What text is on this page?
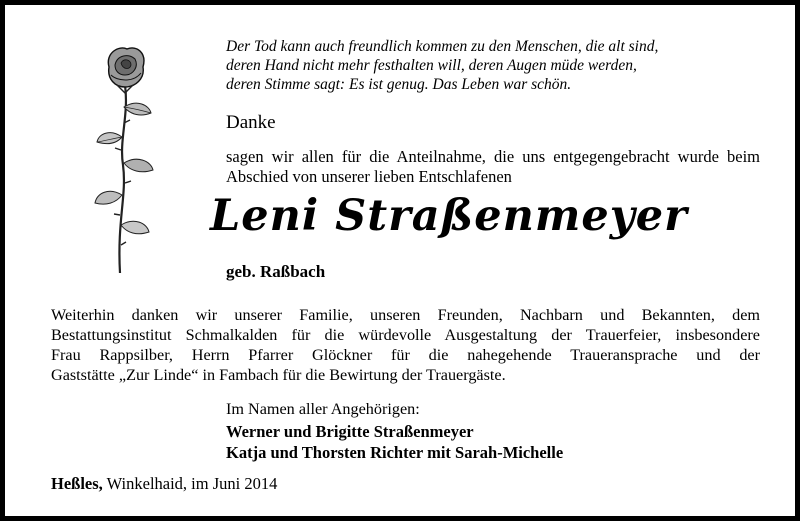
Der Tod kann auch freundlich kommen zu den Menschen, die alt sind,
deren Hand nicht mehr festhalten will, deren Augen müde werden,
deren Stimme sagt: Es ist genug. Das Leben war schön.
Danke
sagen wir allen für die Anteilnahme, die uns entgegengebracht wurde beim Abschied von unserer lieben Entschlafenen
Leni Straßenmeyer
geb. Raßbach
Weiterhin danken wir unserer Familie, unseren Freunden, Nachbarn und Bekannten, dem
Bestattungsinstitut Schmalkalden für die würdevolle Ausgestaltung der Trauerfeier, insbesondere
Frau Rappsilber, Herrn Pfarrer Glöckner für die nahegehende Traueransprache und der
Gaststätte „Zur Linde“ in Fambach für die Bewirtung der Trauergäste.
Im Namen aller Angehörigen:
Werner und Brigitte Straßenmeyer
Katja und Thorsten Richter mit Sarah-Michelle
Heßles, Winkelhaid, im Juni 2014
